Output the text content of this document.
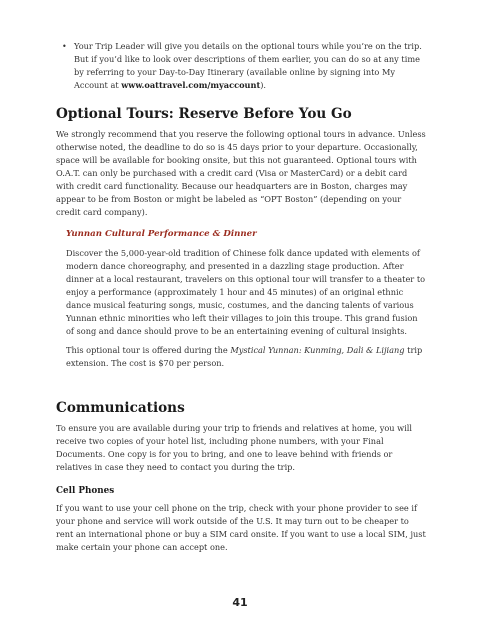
• Your Trip Leader will give you details on the optional tours while you’re on the trip. But if you’d like to look over descriptions of them earlier, you can do so at any time by referring to your Day-to-Day Itinerary (available online by signing into My Account at www.oattravel.com/myaccount).
Optional Tours: Reserve Before You Go

We strongly recommend that you reserve the following optional tours in advance. Unless otherwise noted, the deadline to do so is 45 days prior to your departure. Occasionally, space will be available for booking onsite, but this not guaranteed. Optional tours with O.A.T. can only be purchased with a credit card (Visa or MasterCard) or a debit card with credit card functionality. Because our headquarters are in Boston, charges may appear to be from Boston or might be labeled as “OPT Boston” (depending on your credit card company).

Yunnan Cultural Performance & Dinner

Discover the 5,000-year-old tradition of Chinese folk dance updated with elements of modern dance choreography, and presented in a dazzling stage production. After dinner at a local restaurant, travelers on this optional tour will transfer to a theater to enjoy a performance (approximately 1 hour and 45 minutes) of an original ethnic dance musical featuring songs, music, costumes, and the dancing talents of various Yunnan ethnic minorities who left their villages to join this troupe. This grand fusion of song and dance should prove to be an entertaining evening of cultural insights.

This optional tour is offered during the Mystical Yunnan: Kunming, Dali & Lijiang trip extension. The cost is $70 per person.

Communications

To ensure you are available during your trip to friends and relatives at home, you will receive two copies of your hotel list, including phone numbers, with your Final Documents. One copy is for you to bring, and one to leave behind with friends or relatives in case they need to contact you during the trip.

Cell Phones

If you want to use your cell phone on the trip, check with your phone provider to see if your phone and service will work outside of the U.S. It may turn out to be cheaper to rent an international phone or buy a SIM card onsite. If you want to use a local SIM, just make certain your phone can accept one.

41
